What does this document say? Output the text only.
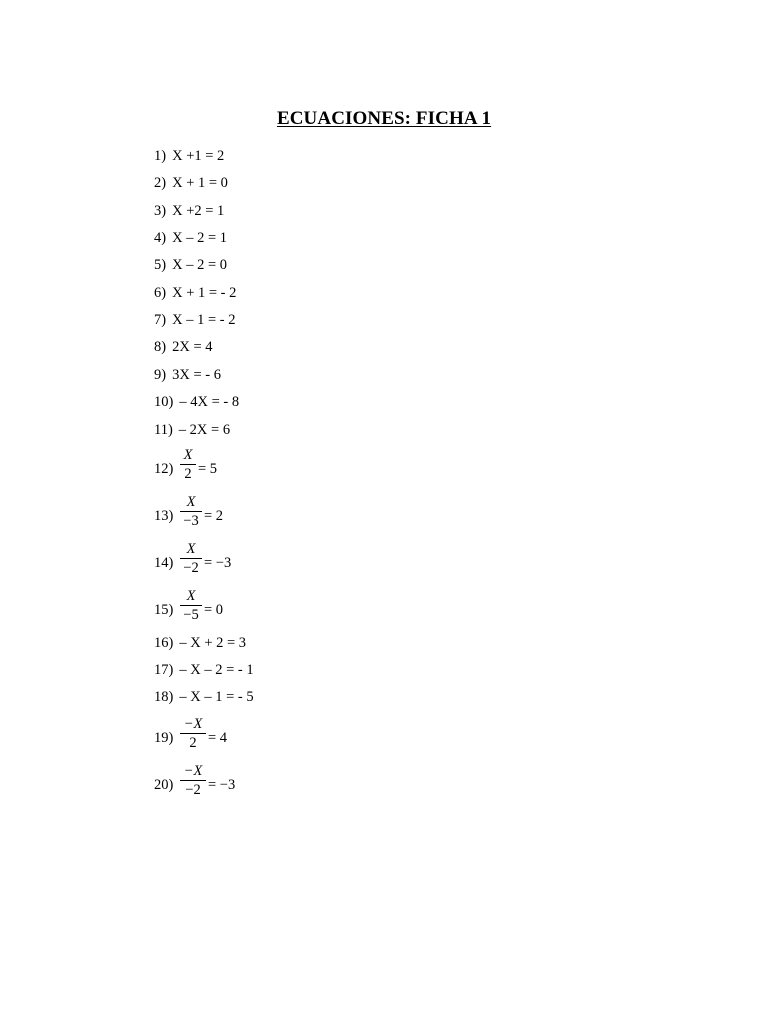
ECUACIONES: FICHA 1
1) X +1 = 2
2) X + 1 = 0
3) X +2 = 1
4) X – 2 = 1
5) X – 2 = 0
6) X + 1 = - 2
7) X – 1 = - 2
8) 2X = 4
9) 3X = - 6
10) – 4X = - 8
11) – 2X = 6
12)
X
2 = 5
13)
X
−3 = 2
14)
X
−2 = −3
15)
X
−5 = 0
16) – X + 2 = 3
17) – X – 2 = - 1
18) – X – 1 = - 5
19)
−X
2 = 4
20)
−X
−2 = −3
